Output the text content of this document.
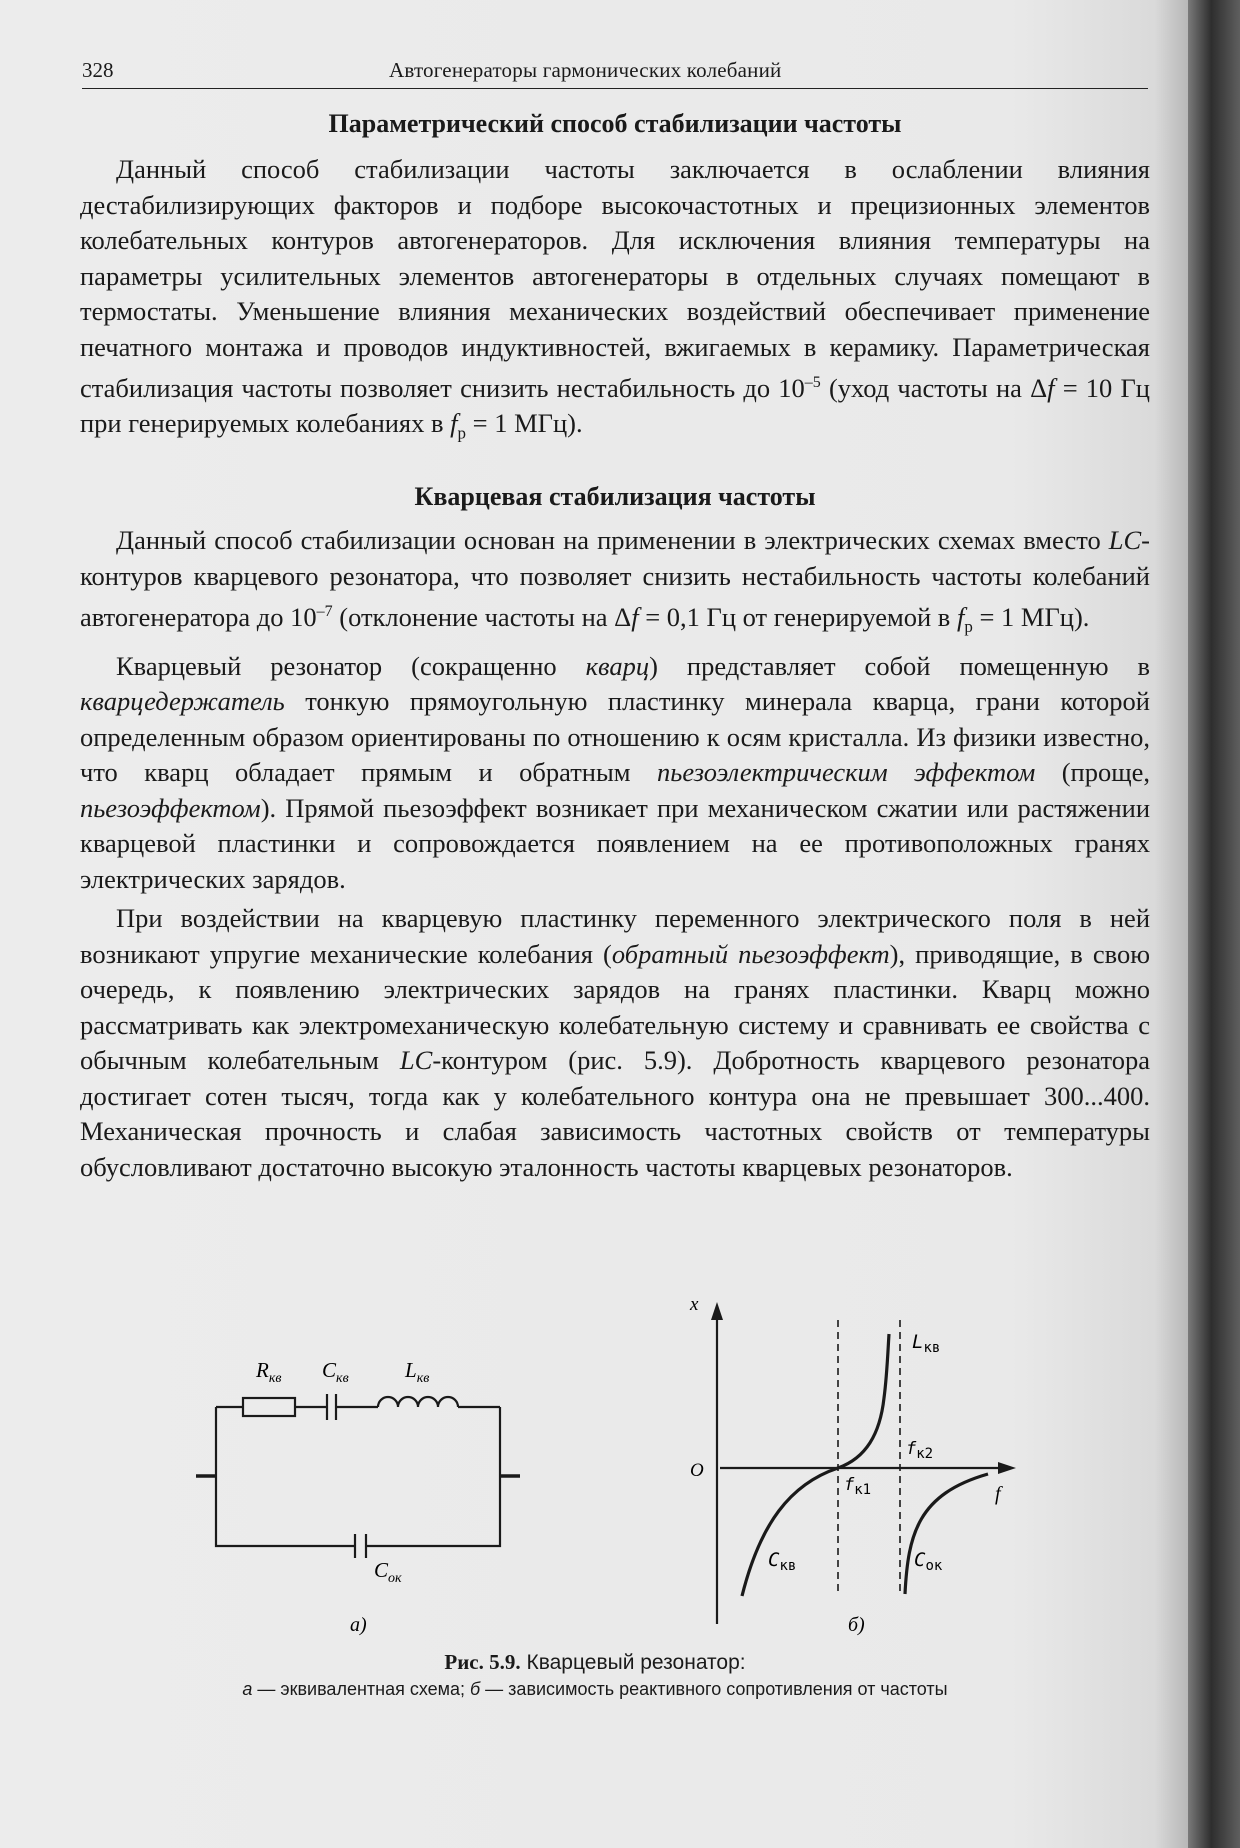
328	Автогенераторы гармонических колебаний
Параметрический способ стабилизации частоты

Данный способ стабилизации частоты заключается в ослаблении влияния дестабилизирующих факторов и подборе высокочастотных и прецизионных элементов колебательных контуров автогенераторов. Для исключения влияния температуры на параметры усилительных элементов автогенераторы в отдельных случаях помещают в термостаты. Уменьшение влияния механических воздействий обеспечивает применение печатного монтажа и проводов индуктивностей, вжигаемых в керамику. Параметрическая стабилизация частоты позволяет снизить нестабильность до $10^{-5}$ (уход частоты на Δf = 10 Гц при генерируемых колебаниях в $f_р = 1$ МГц).

Кварцевая стабилизация частоты

Данный способ стабилизации основан на применении в электрических схемах вместо LC-контуров кварцевого резонатора, что позволяет снизить нестабильность частоты колебаний автогенератора до $10^{-7}$ (отклонение частоты на Δf = 0,1 Гц от генерируемой в $f_р = 1$ МГц).

Кварцевый резонатор (сокращенно кварц) представляет собой помещенную в кварцедержатель тонкую прямоугольную пластинку минерала кварца, грани которой определенным образом ориентированы по отношению к осям кристалла. Из физики известно, что кварц обладает прямым и обратным пьезоэлектрическим эффектом (проще, пьезоэффектом). Прямой пьезоэффект возникает при механическом сжатии или растяжении кварцевой пластинки и сопровождается появлением на ее противоположных гранях электрических зарядов.

При воздействии на кварцевую пластинку переменного электрического поля в ней возникают упругие механические колебания (обратный пьезоэффект), приводящие, в свою очередь, к появлению электрических зарядов на гранях пластинки. Кварц можно рассматривать как электромеханическую колебательную систему и сравнивать ее свойства с обычным колебательным LC-контуром (рис. 5.9). Добротность кварцевого резонатора достигает сотен тысяч, тогда как у колебательного контура она не превышает 300...400. Механическая прочность и слабая зависимость частотных свойств от температуры обусловливают достаточно высокую эталонность частоты кварцевых резонаторов.

$R_{кв}$ $C_{кв}$	$L_{кв}$
$C_{ок}$
а)
x
O
f
$f_{к1}$
$f_{к2}$
$L_{кв}$
$C_{кв}$	$C_{ок}$
б)
Рис. 5.9. Кварцевый резонатор:
а — эквивалентная схема; б — зависимость реактивного сопротивления от частоты
